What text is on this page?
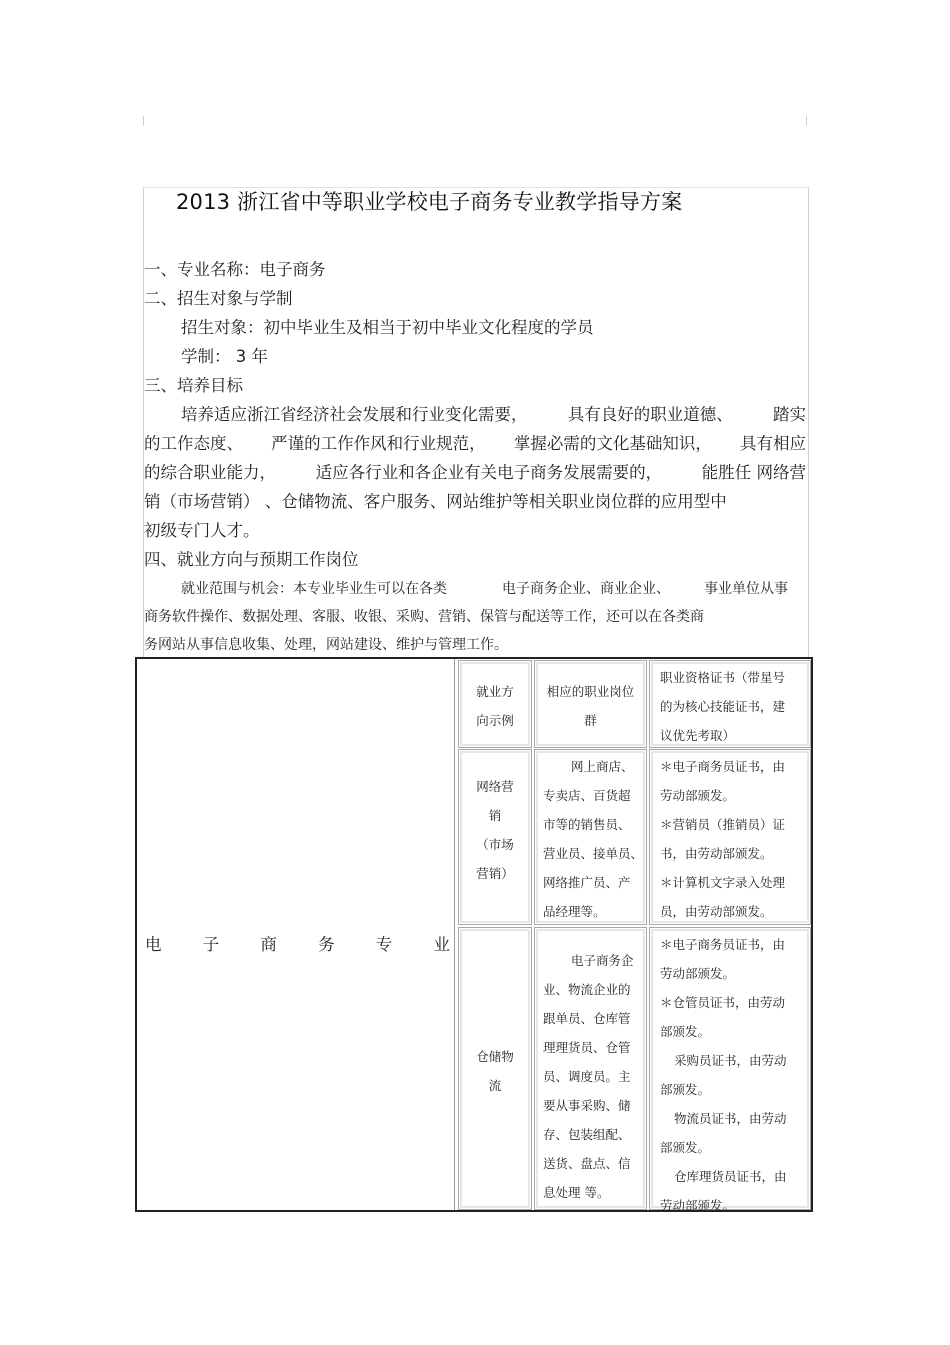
2013 浙江省中等职业学校电子商务专业教学指导方案
一、专业名称：电子商务
二、招生对象与学制
招生对象：初中毕业生及相当于初中毕业文化程度的学员
学制： 3 年
三、培养目标
培养适应浙江省经济社会发展和行业变化需要， 具有良好的职业道德、 踏实
的工作态度、 严谨的工作作风和行业规范， 掌握必需的文化基础知识， 具有相应
的综合职业能力， 适应各行业和各企业有关电子商务发展需要的， 能胜任 网络营
销（市场营销） 、仓储物流、客户服务、网站维护等相关职业岗位群的应用型中
初级专门人才。
四、就业方向与预期工作岗位
就业范围与机会：本专业毕业生可以在各类	电子商务企业、商业企业、 事业单位从事
商务软件操作、数据处理、客服、收银、采购、营销、保管与配送等工作，还可以在各类商
务网站从事信息收集、处理，网站建设、维护与管理工作。
电 子 商 务 专 业
就业方
向示例
相应的职业岗位
群
职业资格证书（带星号
的为核心技能证书，建
议优先考取）
网络营
销
（市场
营销）
网上商店、
专卖店、百货超
市等的销售员、
营业员、接单员、
网络推广员、产
品经理等。
＊电子商务员证书，由
劳动部颁发。
＊营销员（推销员）证
书，由劳动部颁发。
＊计算机文字录入处理
员，由劳动部颁发。
仓储物
流
电子商务企
业、物流企业的
跟单员、仓库管
理理货员、仓管
员、调度员。主
要从事采购、储
存、包装组配、
送货、盘点、信
息处理 等。
＊电子商务员证书，由
劳动部颁发。
＊仓管员证书，由劳动
部颁发。
采购员证书，由劳动
部颁发。
物流员证书，由劳动
部颁发。
仓库理货员证书，由
劳动部颁发。
